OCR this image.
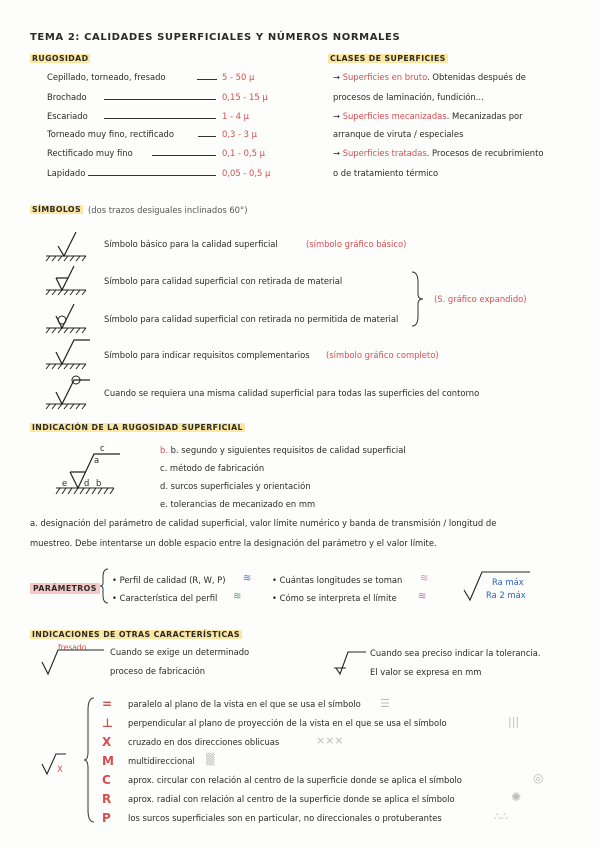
TEMA 2: CALIDADES SUPERFICIALES Y NÚMEROS NORMALES
RUGOSIDAD
Cepillado, torneado, fresado	5 - 50 µ
Brochado	0,15 - 15 µ
Escariado	1 - 4 µ
Torneado muy fino, rectificado	0,3 - 3 µ
Rectificado muy fino	0,1 - 0,5 µ
Lapidado	0,05 - 0,5 µ
CLASES DE SUPERFICIES
→ Superficies en bruto. Obtenidas después de
procesos de laminación, fundición...
→ Superficies mecanizadas. Mecanizadas por
arranque de viruta / especiales
→ Superficies tratadas. Procesos de recubrimiento
o de tratamiento térmico
SÍMBOLOS (dos trazos desiguales inclinados 60°)
Símbolo básico para la calidad superficial	(símbolo gráfico básico)
Símbolo para calidad superficial con retirada de material
Símbolo para calidad superficial con retirada no permitida de material
(S. gráfico expandido)
Símbolo para indicar requisitos complementarios (símbolo gráfico completo)
Cuando se requiera una misma calidad superficial para todas las superficies del contorno
INDICACIÓN DE LA RUGOSIDAD SUPERFICIAL
c
a
e d b
b. b. segundo y siguientes requisitos de calidad superficial
c. método de fabricación
d. surcos superficiales y orientación
e. tolerancias de mecanizado en mm
a. designación del parámetro de calidad superficial, valor límite numérico y banda de transmisión / longitud de
muestreo. Debe intentarse un doble espacio entre la designación del parámetro y el valor límite.
PARÁMETROS
• Perfil de calidad (R, W, P) ≋
• Característica del perfil ≋
• Cuántas longitudes se toman ≋
• Cómo se interpreta el límite ≋
Ra máx
Ra 2 máx
INDICACIONES DE OTRAS CARACTERÍSTICAS
fresado	Cuando se exige un determinado
proceso de fabricación
Cuando sea preciso indicar la tolerancia.
El valor se expresa en mm
X
= paralelo al plano de la vista en el que se usa el símbolo ☰
⊥ perpendicular al plano de proyección de la vista en el que se usa el símbolo	|||
X cruzado en dos direcciones oblicuas	⨯⨯⨯
M multidireccional ▒
C aprox. circular con relación al centro de la superficie donde se aplica el símbolo	◎
R aprox. radial con relación al centro de la superficie donde se aplica el símbolo	✺
P los surcos superficiales son en particular, no direccionales o protuberantes	∴∴
